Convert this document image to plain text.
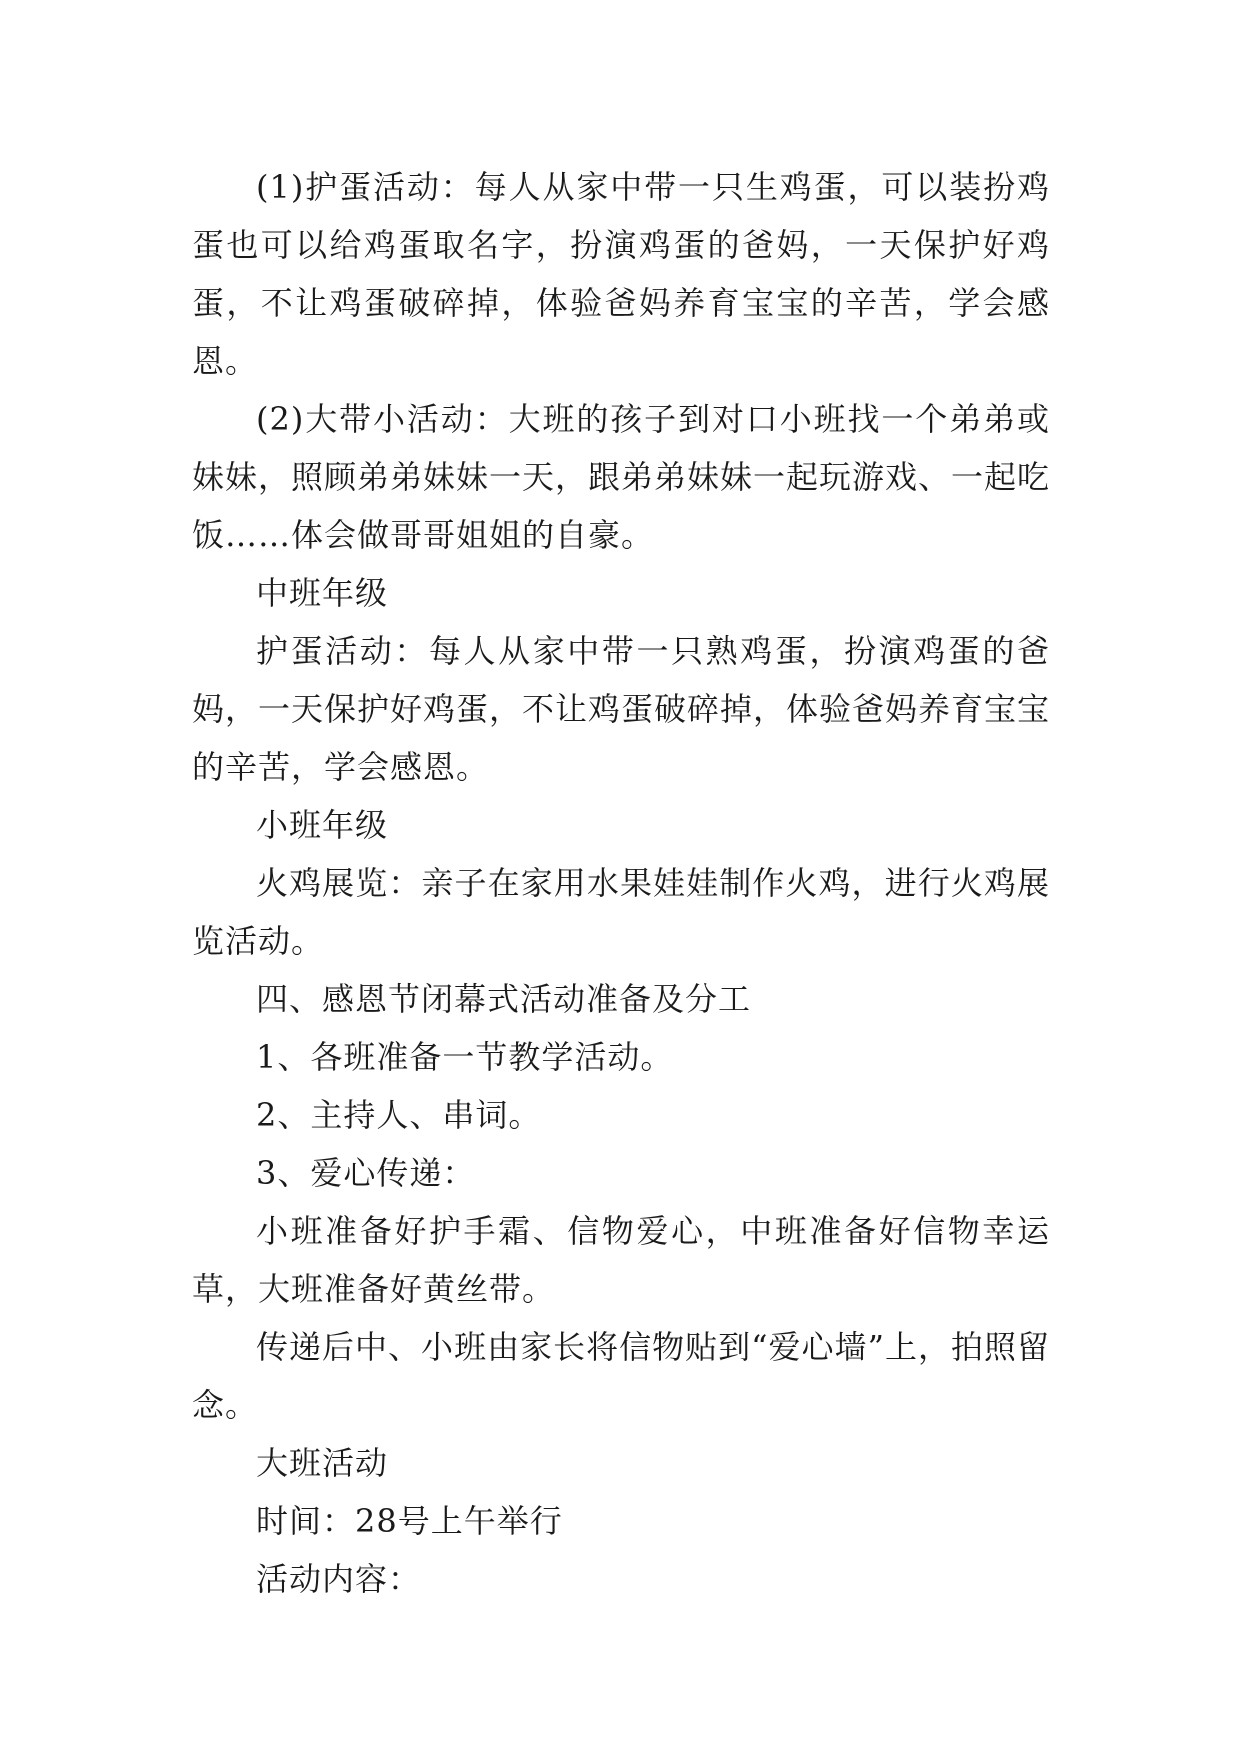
(1)护蛋活动：每人从家中带一只生鸡蛋，可以装扮鸡蛋也可以给鸡蛋取名字，扮演鸡蛋的爸妈，一天保护好鸡蛋，不让鸡蛋破碎掉，体验爸妈养育宝宝的辛苦，学会感恩。

(2)大带小活动：大班的孩子到对口小班找一个弟弟或妹妹，照顾弟弟妹妹一天，跟弟弟妹妹一起玩游戏、一起吃饭……体会做哥哥姐姐的自豪。

中班年级

护蛋活动：每人从家中带一只熟鸡蛋，扮演鸡蛋的爸妈，一天保护好鸡蛋，不让鸡蛋破碎掉，体验爸妈养育宝宝的辛苦，学会感恩。

小班年级

火鸡展览：亲子在家用水果娃娃制作火鸡，进行火鸡展览活动。

四、感恩节闭幕式活动准备及分工

1、各班准备一节教学活动。

2、主持人、串词。

3、爱心传递：

小班准备好护手霜、信物爱心，中班准备好信物幸运草，大班准备好黄丝带。

传递后中、小班由家长将信物贴到“爱心墙”上，拍照留念。

大班活动

时间：28号上午举行

活动内容：
